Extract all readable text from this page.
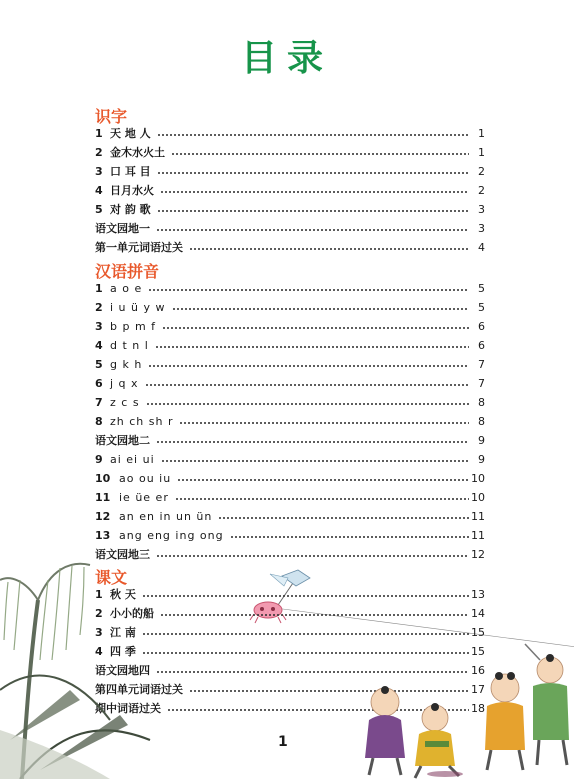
目录
识字
1 天 地 人	1
2 金木水火土	1
3 口 耳 目	2
4 日月水火	2
5 对 韵 歌	3
语文园地一	3
第一单元词语过关	4
汉语拼音
1 a o e	5
2 i u ü y w	5
3 b p m f	6
4 d t n l	6
5 g k h	7
6 j q x	7
7 z c s	8
8 zh ch sh r	8
语文园地二	9
9 ai ei ui	9
10 ao ou iu	10
11 ie üe er	10
12 an en in un ün	11
13 ang eng ing ong	11
语文园地三	12
课文
1 秋 天	13
2 小小的船	14
3 江 南	15
4 四 季	15
语文园地四	16
第四单元词语过关	17
期中词语过关	18
1
